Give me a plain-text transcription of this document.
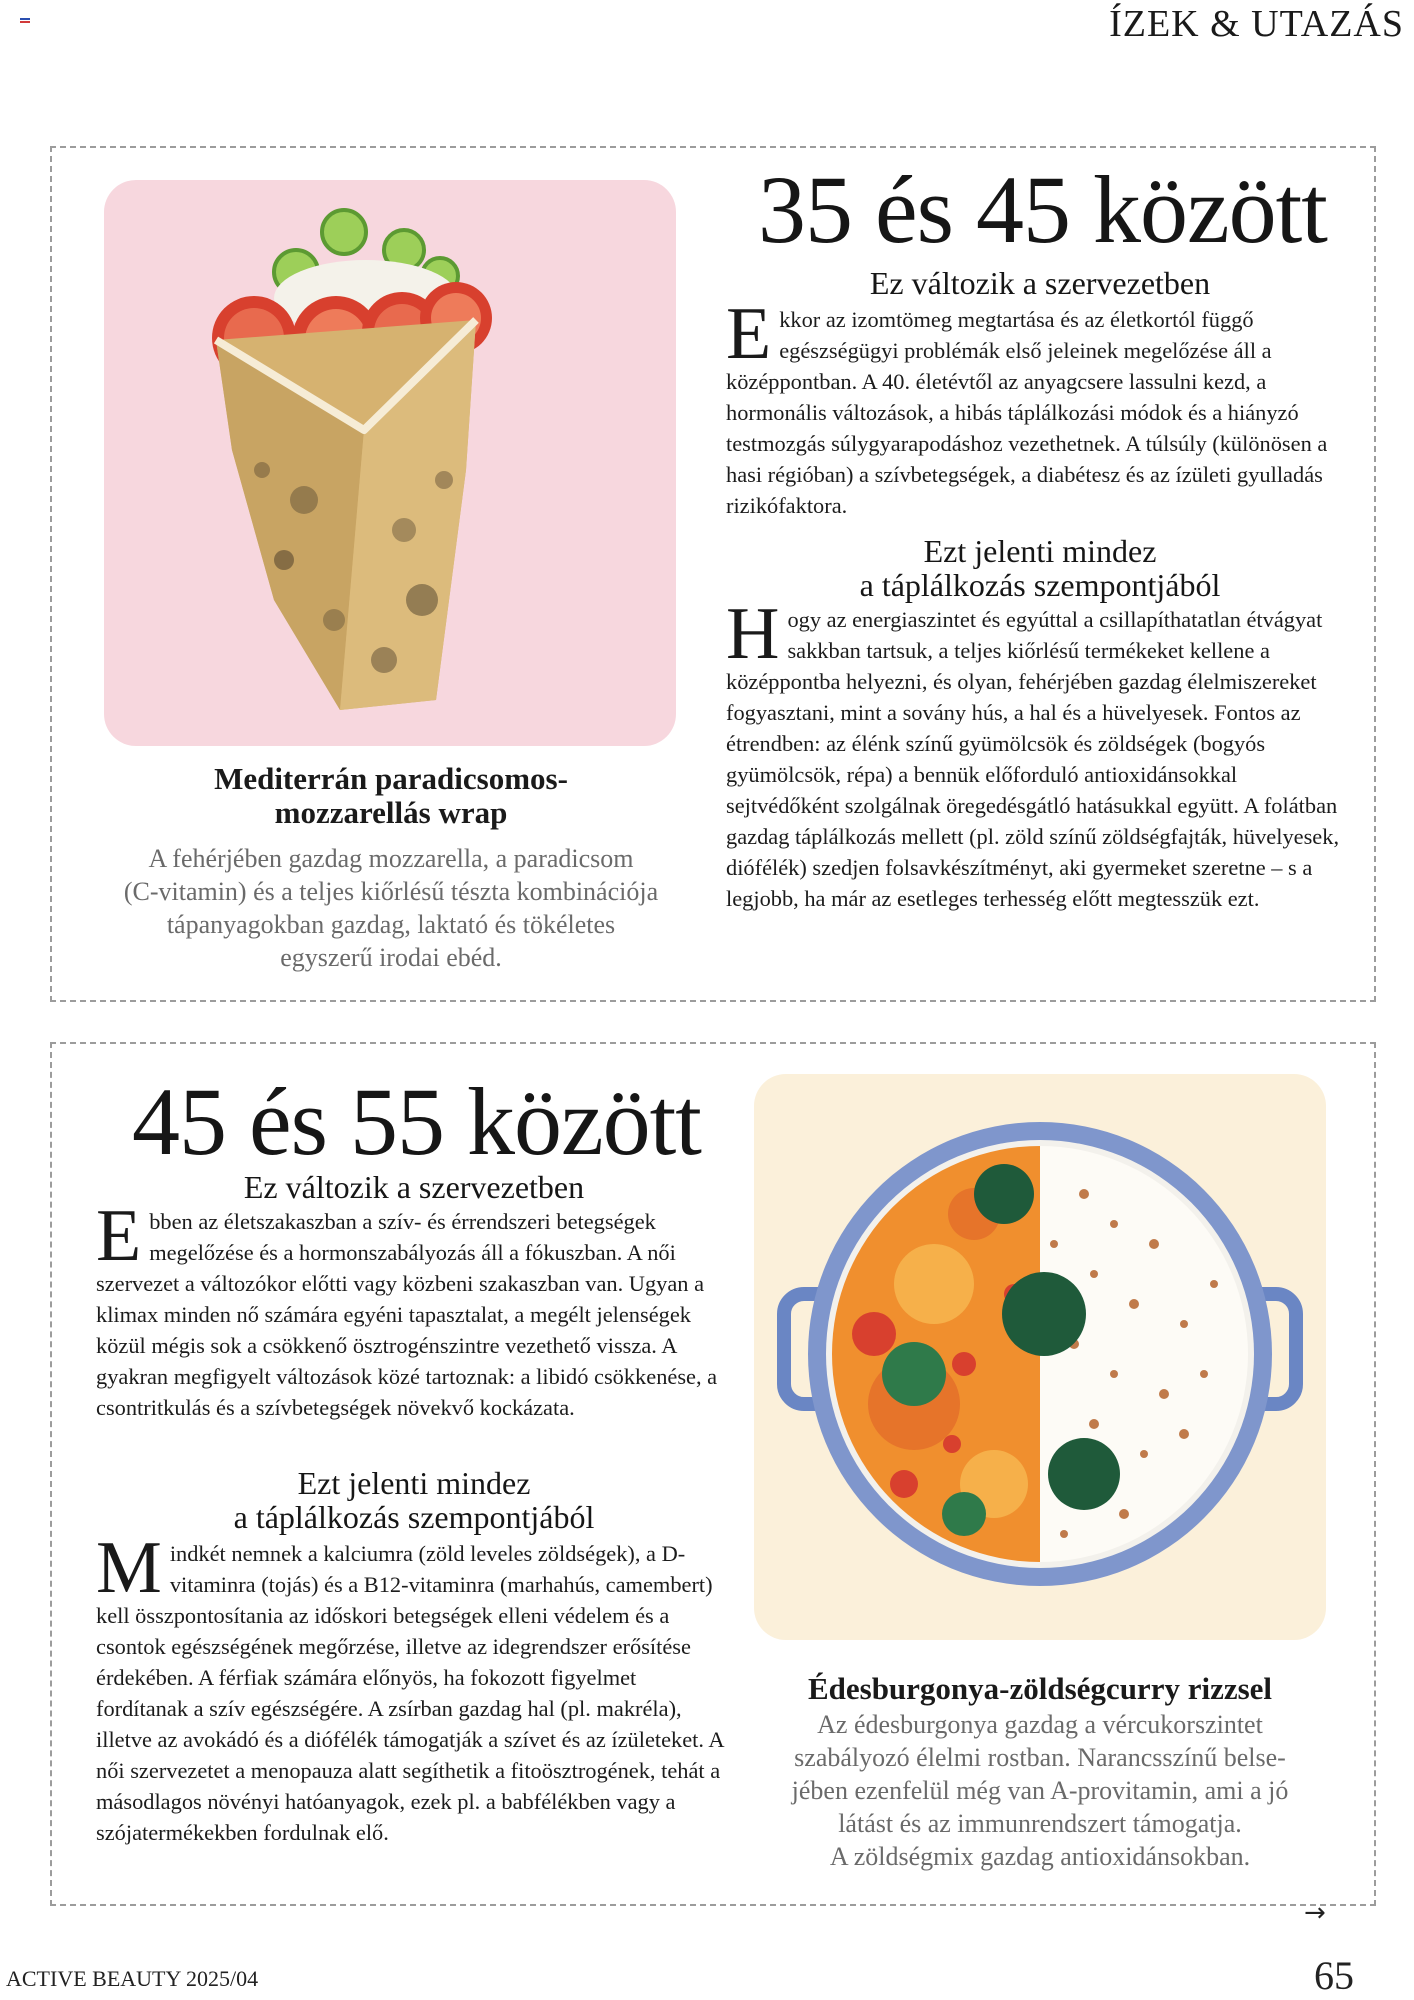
ÍZEK & UTAZÁS
35 és 45 között
Ez változik a szervezetben
Ekkor az izomtömeg megtartása és az életkortól függő egészségügyi problémák első jeleinek megelőzése áll a középpontban. A 40. életévtől az anyagcsere lassulni kezd, a hormonális változások, a hibás táplálkozási módok és a hiányzó testmozgás súlygyarapodáshoz vezethetnek. A túlsúly (különösen a hasi régióban) a szívbetegségek, a diabétesz és az ízületi gyulladás rizikófaktora.
Ezt jelenti mindez
a táplálkozás szempontjából
Hogy az energiaszintet és egyúttal a csillapíthatatlan étvágyat sakkban tartsuk, a teljes kiőrlésű termékeket kellene a középpontba helyezni, és olyan, fehérjében gazdag élelmiszereket fogyasztani, mint a sovány hús, a hal és a hüvelyesek. Fontos az étrendben: az élénk színű gyümölcsök és zöldségek (bogyós gyümölcsök, répa) a bennük előforduló antioxidánsokkal sejtvédőként szolgálnak öregedésgátló hatásukkal együtt. A folátban gazdag táplálkozás mellett (pl. zöld színű zöldségfajták, hüvelyesek, diófélék) szedjen folsavkészítményt, aki gyermeket szeretne – s a legjobb, ha már az esetleges terhesség előtt megtesszük ezt.
Mediterrán paradicsomos-
mozzarellás wrap
A fehérjében gazdag mozzarella, a paradicsom
(C-vitamin) és a teljes kiőrlésű tészta kombinációja
tápanyagokban gazdag, laktató és tökéletes
egyszerű irodai ebéd.
45 és 55 között
Ez változik a szervezetben
Ebben az életszakaszban a szív- és érrendszeri betegségek megelőzése és a hormonszabályozás áll a fókuszban. A női szervezet a változókor előtti vagy közbeni szakaszban van. Ugyan a klimax minden nő számára egyéni tapasztalat, a megélt jelenségek közül mégis sok a csökkenő ösztrogénszintre vezethető vissza. A gyakran megfigyelt változások közé tartoznak: a libidó csökkenése, a csontritkulás és a szívbetegségek növekvő kockázata.
Ezt jelenti mindez
a táplálkozás szempontjából
Mindkét nemnek a kalciumra (zöld leveles zöldségek), a D-vitaminra (tojás) és a B12-vitaminra (marhahús, camembert) kell összpontosítania az időskori betegségek elleni védelem és a csontok egészségének megőrzése, illetve az idegrendszer erősítése érdekében. A férfiak számára előnyös, ha fokozott figyelmet fordítanak a szív egészségére. A zsírban gazdag hal (pl. makréla), illetve az avokádó és a diófélék támogatják a szívet és az ízületeket. A női szervezetet a menopauza alatt segíthetik a fitoösztrogének, tehát a másodlagos növényi hatóanyagok, ezek pl. a babfélékben vagy a szójatermékekben fordulnak elő.
Édesburgonya-zöldségcurry rizzsel
Az édesburgonya gazdag a vércukorszintet
szabályozó élelmi rostban. Narancsszínű belse-
jében ezenfelül még van A-provitamin, ami a jó
látást és az immunrendszert támogatja.
A zöldségmix gazdag antioxidánsokban.
→
ACTIVE BEAUTY 2025/04	65
